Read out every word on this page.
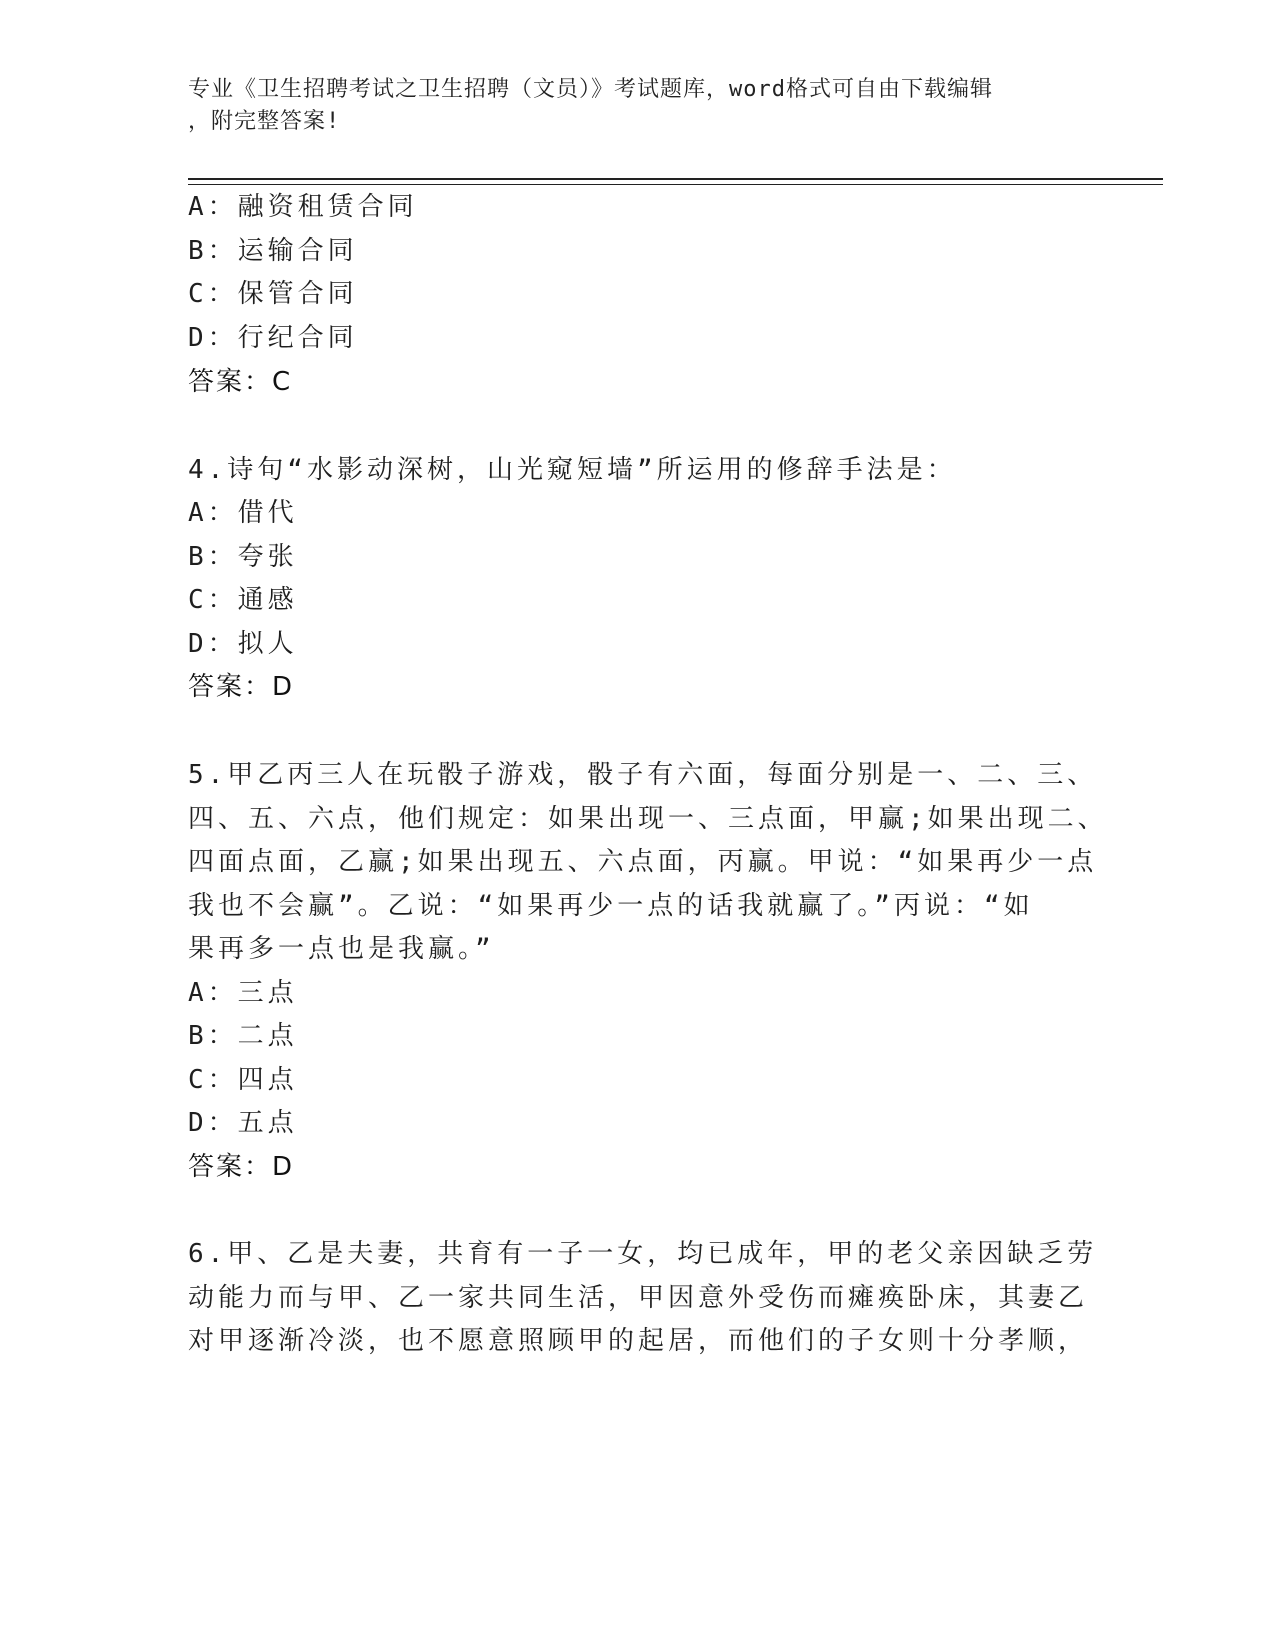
专业《卫生招聘考试之卫生招聘（文员）》考试题库，word格式可自由下载编辑
，附完整答案!
A：融资租赁合同
B：运输合同
C：保管合同
D：行纪合同
答案：C
4.诗句“水影动深树，山光窥短墙”所运用的修辞手法是：
A：借代
B：夸张
C：通感
D：拟人
答案：D
5.甲乙丙三人在玩骰子游戏，骰子有六面，每面分别是一、二、三、
四、五、六点，他们规定：如果出现一、三点面，甲赢;如果出现二、
四面点面，乙赢;如果出现五、六点面，丙赢。甲说：“如果再少一点
我也不会赢”。乙说：“如果再少一点的话我就赢了。”丙说：“如
果再多一点也是我赢。”
A：三点
B：二点
C：四点
D：五点
答案：D
6.甲、乙是夫妻，共育有一子一女，均已成年，甲的老父亲因缺乏劳
动能力而与甲、乙一家共同生活，甲因意外受伤而瘫痪卧床，其妻乙
对甲逐渐冷淡，也不愿意照顾甲的起居，而他们的子女则十分孝顺，
